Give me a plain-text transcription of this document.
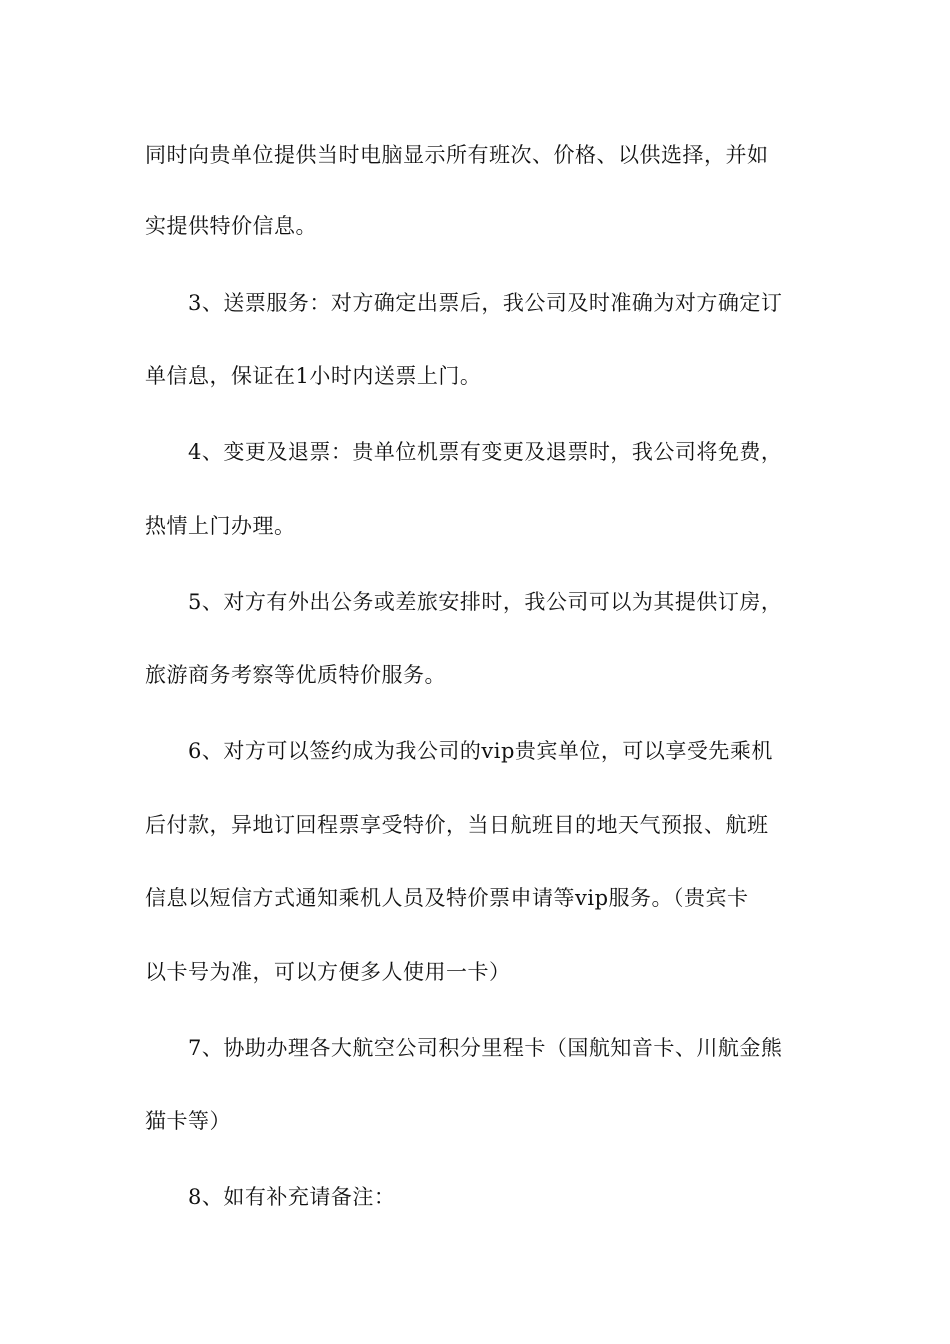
同时向贵单位提供当时电脑显示所有班次、价格、以供选择，并如
实提供特价信息。
3、送票服务：对方确定出票后，我公司及时准确为对方确定订
单信息，保证在1小时内送票上门。
4、变更及退票：贵单位机票有变更及退票时，我公司将免费，
热情上门办理。
5、对方有外出公务或差旅安排时，我公司可以为其提供订房，
旅游商务考察等优质特价服务。
6、对方可以签约成为我公司的vip贵宾单位，可以享受先乘机
后付款，异地订回程票享受特价，当日航班目的地天气预报、航班
信息以短信方式通知乘机人员及特价票申请等vip服务。（贵宾卡
以卡号为准，可以方便多人使用一卡）
7、协助办理各大航空公司积分里程卡（国航知音卡、川航金熊
猫卡等）
8、如有补充请备注：
